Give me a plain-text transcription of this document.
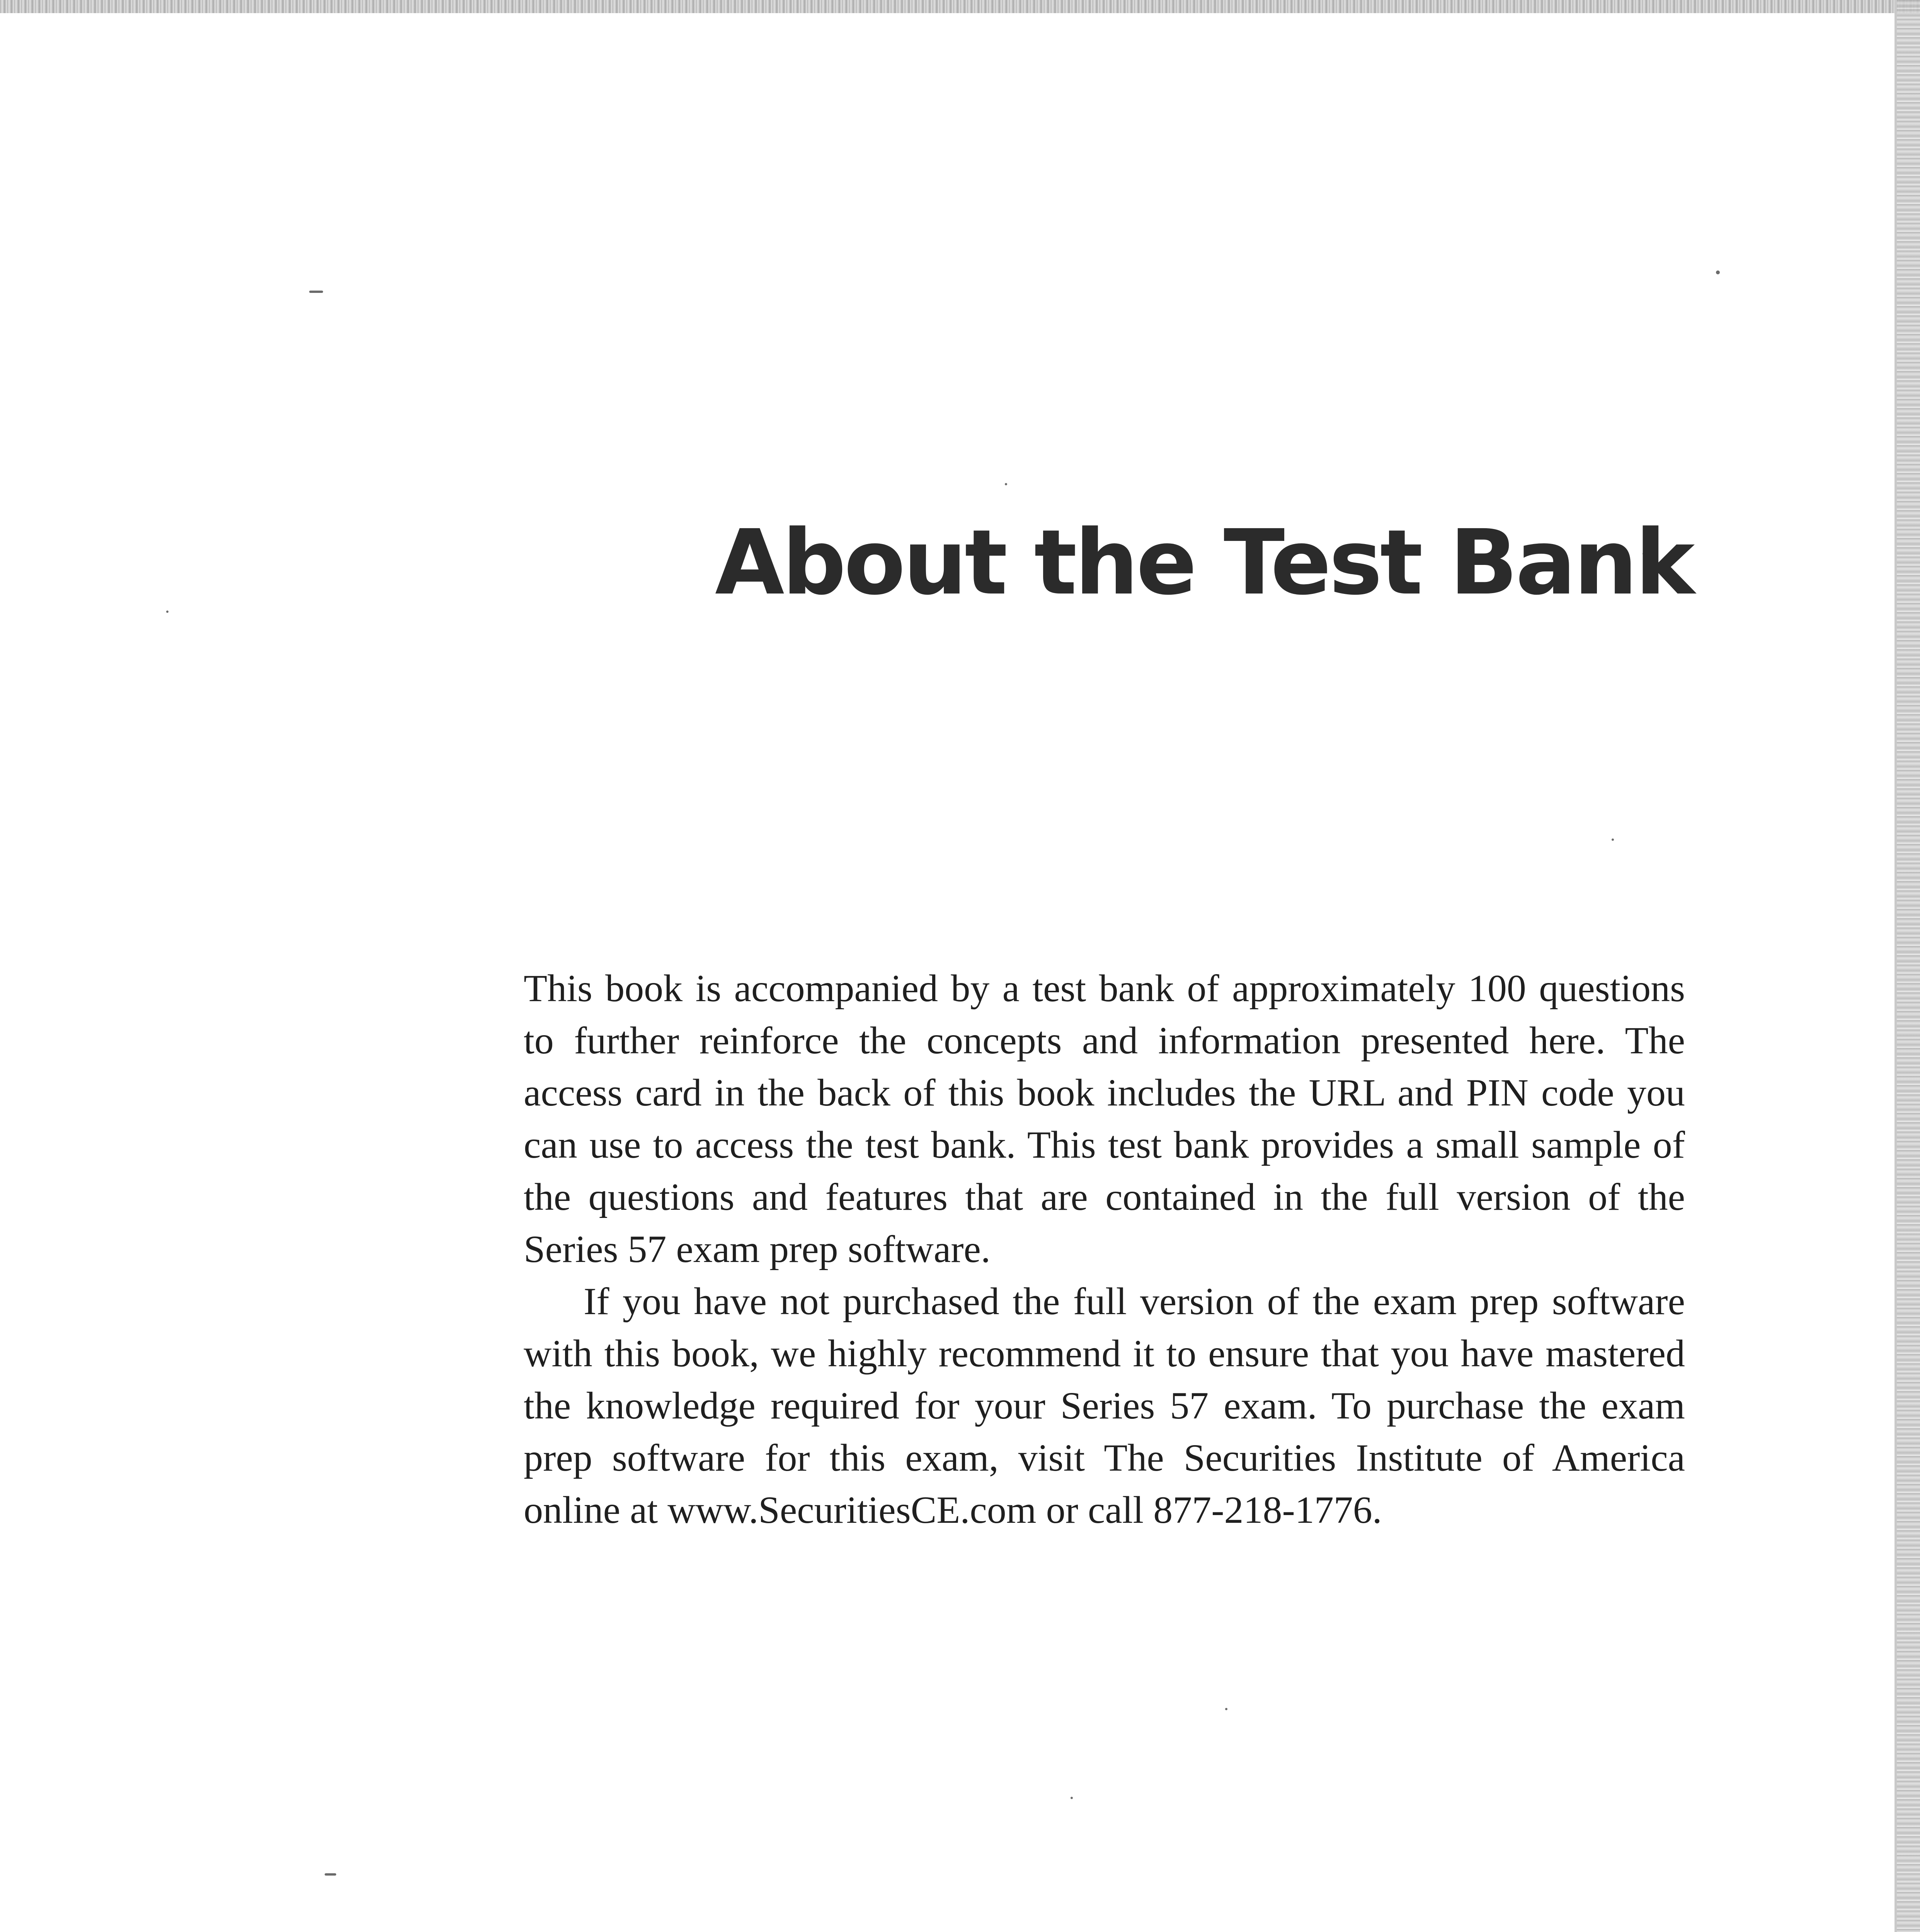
About the Test Bank

This book is accompanied by a test bank of approximately 100 questions to further reinforce the concepts and information presented here. The access card in the back of this book includes the URL and PIN code you can use to access the test bank. This test bank provides a small sample of the questions and features that are contained in the full version of the Series 57 exam prep software.

If you have not purchased the full version of the exam prep software with this book, we highly recommend it to ensure that you have mastered the knowledge required for your Series 57 exam. To purchase the exam prep software for this exam, visit The Securities Institute of America online at www.SecuritiesCE.com or call 877-218-1776.
